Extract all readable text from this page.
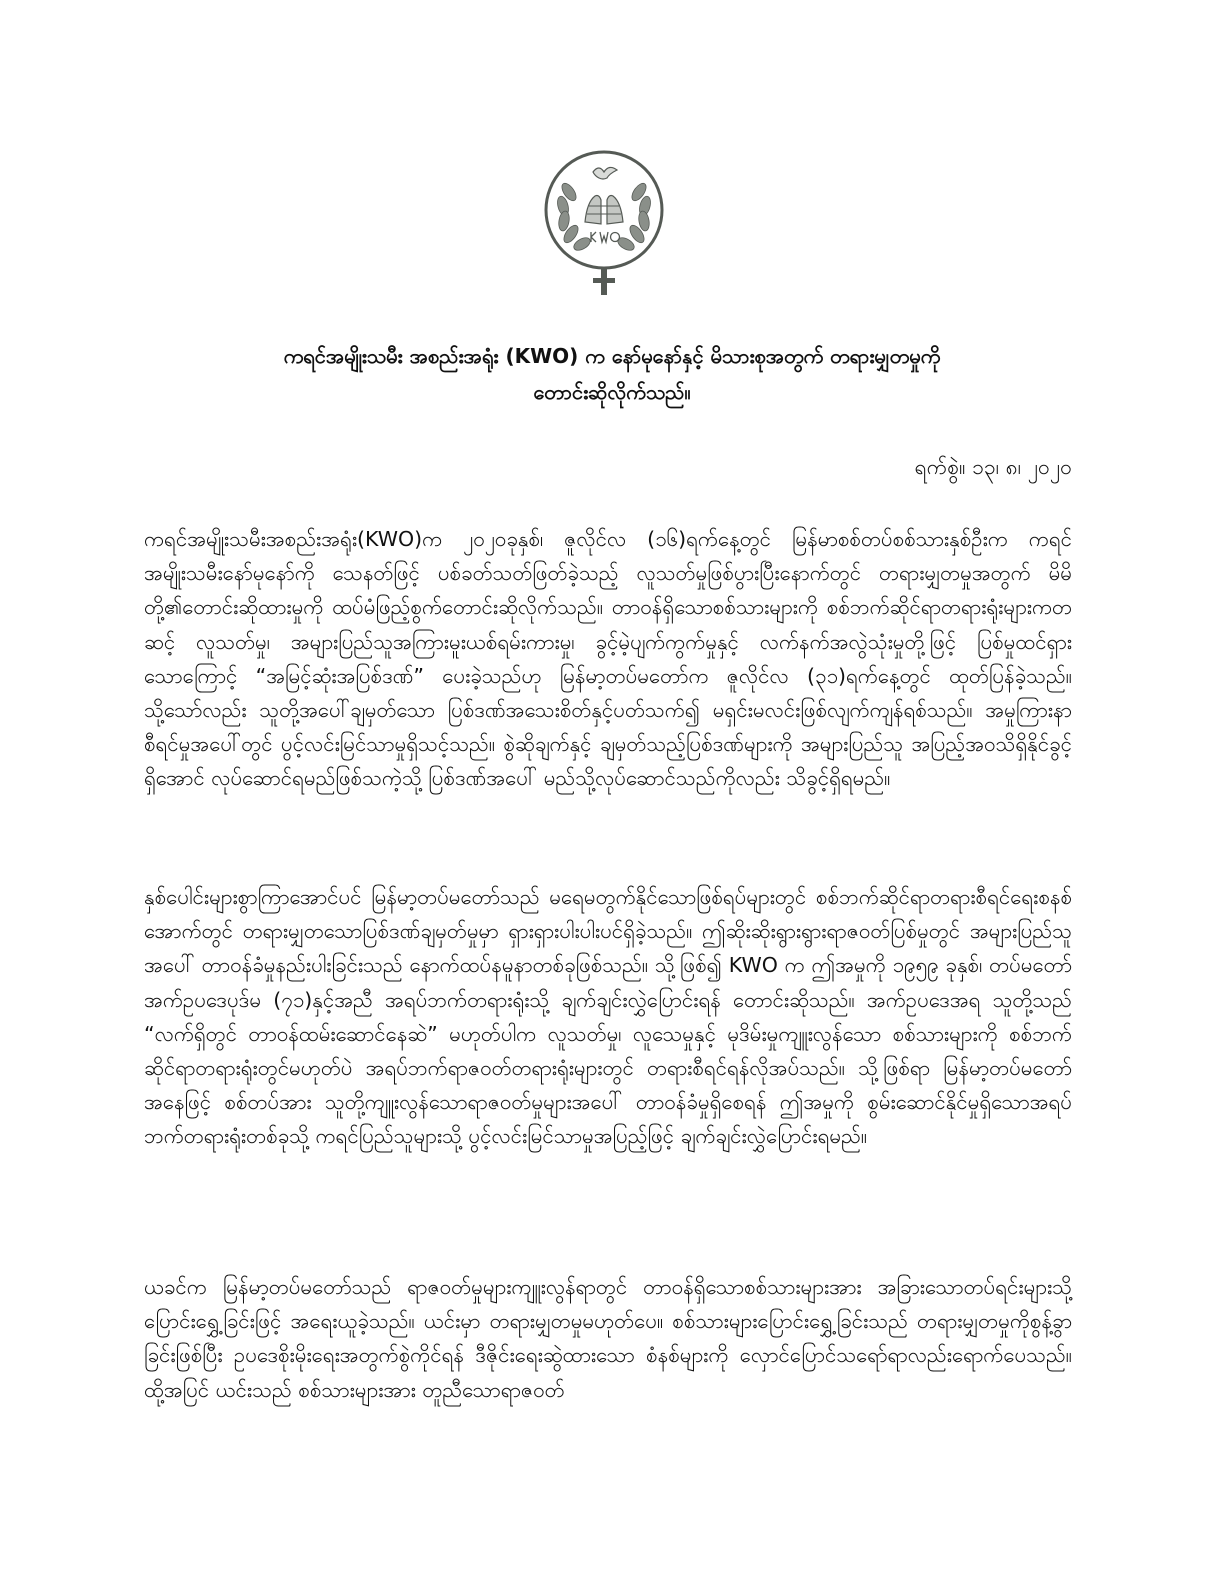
ကရင်အမျိုးသမီး အစည်းအရုံး (KWO) က နော်မုနော်နှင့် မိသားစုအတွက် တရားမျှတမှုကို
တောင်းဆိုလိုက်သည်။
ရက်စွဲ။ ၁၃၊ ၈၊ ၂၀၂၀

ကရင်အမျိုးသမီးအစည်းအရုံး(KWO)က ၂၀၂၀ခုနှစ်၊ ဇူလိုင်လ (၁၆)ရက်နေ့တွင် မြန်မာစစ်တပ်စစ်သားနှစ်ဦးက ကရင်အမျိုးသမီးနော်မုနော်ကို သေနတ်ဖြင့် ပစ်ခတ်သတ်ဖြတ်ခဲ့သည့် လူသတ်မှုဖြစ်ပွားပြီးနောက်တွင် တရားမျှတမှုအတွက် မိမိတို့၏တောင်းဆိုထားမှုကို ထပ်မံဖြည့်စွက်တောင်းဆိုလိုက်သည်။ တာဝန်ရှိသောစစ်သားများကို စစ်ဘက်ဆိုင်ရာတရားရုံးများကတဆင့် လူသတ်မှု၊ အများပြည်သူအကြားမူးယစ်ရမ်းကားမှု၊ ခွင့်မဲ့ပျက်ကွက်မှုနှင့် လက်နက်အလွဲသုံးမှုတို့ဖြင့် ပြစ်မှုထင်ရှားသောကြောင့် “အမြင့်ဆုံးအပြစ်ဒဏ်” ပေးခဲ့သည်ဟု မြန်မာ့တပ်မတော်က ဇူလိုင်လ (၃၁)ရက်နေ့တွင် ထုတ်ပြန်ခဲ့သည်။ သို့သော်လည်း သူတို့အပေါ်ချမှတ်သော ပြစ်ဒဏ်အသေးစိတ်နှင့်ပတ်သက်၍ မရှင်းမလင်းဖြစ်လျက်ကျန်ရစ်သည်။ အမှုကြားနာစီရင်မှုအပေါ်တွင် ပွင့်လင်းမြင်သာမှုရှိသင့်သည်။ စွဲဆိုချက်နှင့် ချမှတ်သည့်ပြစ်ဒဏ်များကို အများပြည်သူ အပြည့်အဝသိရှိနိုင်ခွင့်ရှိအောင် လုပ်ဆောင်ရမည်ဖြစ်သကဲ့သို့ ပြစ်ဒဏ်အပေါ် မည်သို့လုပ်ဆောင်သည်ကိုလည်း သိခွင့်ရှိရမည်။

နှစ်ပေါင်းများစွာကြာအောင်ပင် မြန်မာ့တပ်မတော်သည် မရေမတွက်နိုင်သောဖြစ်ရပ်များတွင် စစ်ဘက်ဆိုင်ရာတရားစီရင်ရေးစနစ်အောက်တွင် တရားမျှတသောပြစ်ဒဏ်ချမှတ်မှုမှာ ရှားရှားပါးပါးပင်ရှိခဲ့သည်။ ဤဆိုးဆိုးရွားရွားရာဇဝတ်ပြစ်မှုတွင် အများပြည်သူအပေါ် တာဝန်ခံမှုနည်းပါးခြင်းသည် နောက်ထပ်နမူနာတစ်ခုဖြစ်သည်။ သို့ဖြစ်၍ KWO က ဤအမှုကို ၁၉၅၉ ခုနှစ်၊ တပ်မတော်အက်ဥပဒေပုဒ်မ (၇၁)နှင့်အညီ အရပ်ဘက်တရားရုံးသို့ ချက်ချင်းလွှဲပြောင်းရန် တောင်းဆိုသည်။ အက်ဥပဒေအရ သူတို့သည် “လက်ရှိတွင် တာဝန်ထမ်းဆောင်နေဆဲ” မဟုတ်ပါက လူသတ်မှု၊ လူသေမှုနှင့် မုဒိမ်းမှုကျူးလွန်သော စစ်သားများကို စစ်ဘက်ဆိုင်ရာတရားရုံးတွင်မဟုတ်ပဲ အရပ်ဘက်ရာဇဝတ်တရားရုံးများတွင် တရားစီရင်ရန်လိုအပ်သည်။ သို့ဖြစ်ရာ မြန်မာ့တပ်မတော်အနေဖြင့် စစ်တပ်အား သူတို့ကျူးလွန်သောရာဇဝတ်မှုများအပေါ် တာဝန်ခံမှုရှိစေရန် ဤအမှုကို စွမ်းဆောင်နိုင်မှုရှိသောအရပ်ဘက်တရားရုံးတစ်ခုသို့ ကရင်ပြည်သူများသို့ ပွင့်လင်းမြင်သာမှုအပြည့်ဖြင့် ချက်ချင်းလွှဲပြောင်းရမည်။

ယခင်က မြန်မာ့တပ်မတော်သည် ရာဇဝတ်မှုများကျူးလွန်ရာတွင် တာဝန်ရှိသောစစ်သားများအား အခြားသောတပ်ရင်းများသို့ ပြောင်းရွှေ့ခြင်းဖြင့် အရေးယူခဲ့သည်။ ယင်းမှာ တရားမျှတမှုမဟုတ်ပေ။ စစ်သားများပြောင်းရွှေ့ခြင်းသည် တရားမျှတမှုကိုစွန့်ခွာခြင်းဖြစ်ပြီး ဥပဒေစိုးမိုးရေးအတွက်စွဲကိုင်ရန် ဒီဇိုင်းရေးဆွဲထားသော စံနစ်များကို လှောင်ပြောင်သရော်ရာလည်းရောက်ပေသည်။ ထို့အပြင် ယင်းသည် စစ်သားများအား တူညီသောရာဇဝတ်
